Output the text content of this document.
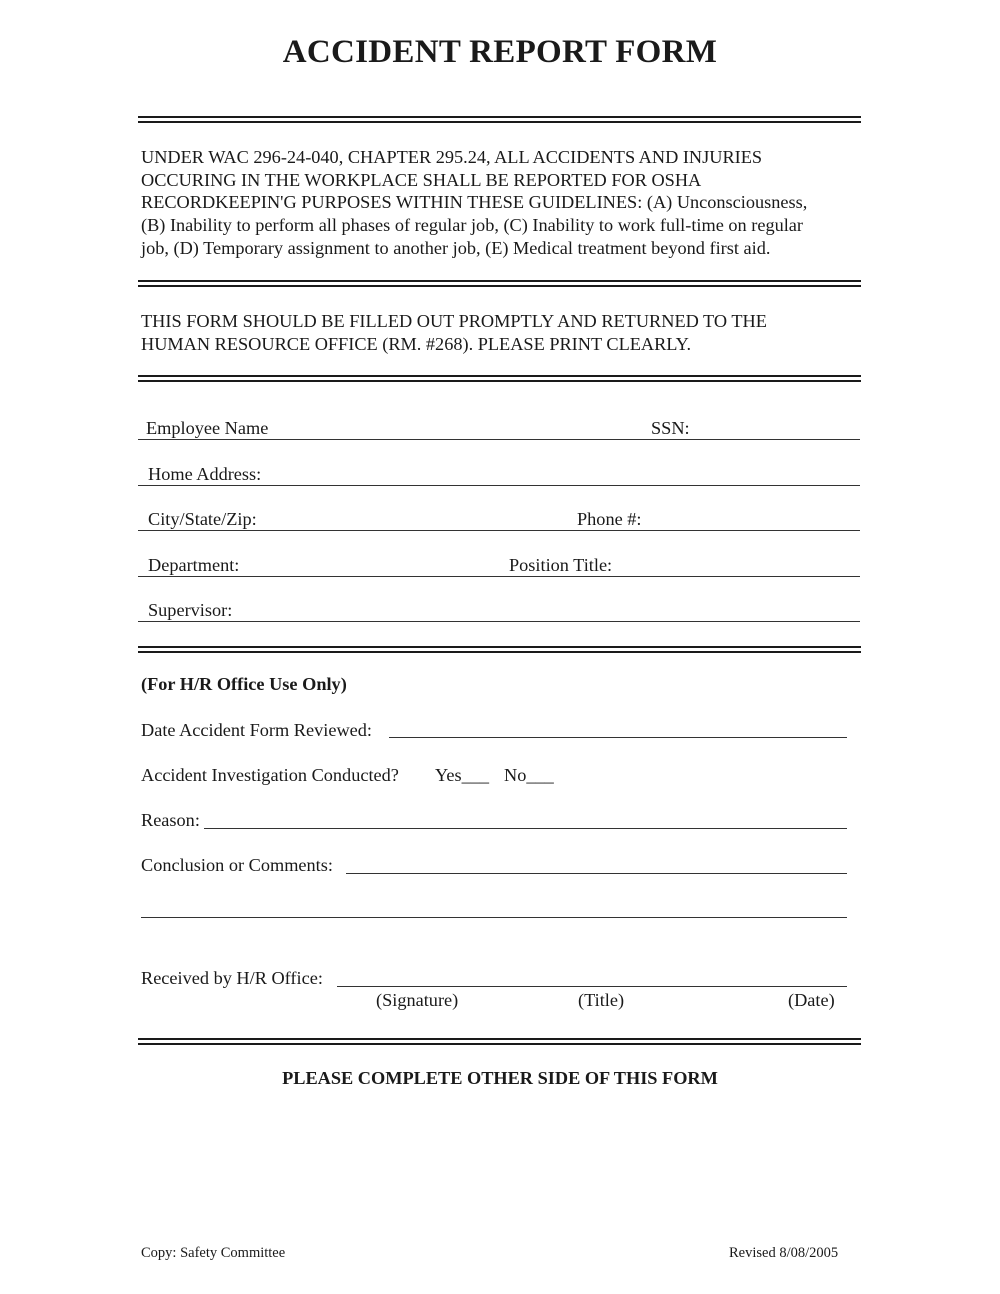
ACCIDENT REPORT FORM
UNDER WAC 296-24-040, CHAPTER 295.24, ALL ACCIDENTS AND INJURIES
OCCURING IN THE WORKPLACE SHALL BE REPORTED FOR OSHA
RECORDKEEPIN'G PURPOSES WITHIN THESE GUIDELINES: (A) Unconsciousness,
(B) Inability to perform all phases of regular job, (C) Inability to work full-time on regular
job, (D) Temporary assignment to another job, (E) Medical treatment beyond first aid.
THIS FORM SHOULD BE FILLED OUT PROMPTLY AND RETURNED TO THE
HUMAN RESOURCE OFFICE (RM. #268). PLEASE PRINT CLEARLY.
Employee Name	SSN:
Home Address:
City/State/Zip:	Phone #:
Department:	Position Title:
Supervisor:
(For H/R Office Use Only)
Date Accident Form Reviewed:
Accident Investigation Conducted? Yes___ No___
Reason:
Conclusion or Comments:
Received by H/R Office:
(Signature)	(Title)	(Date)
PLEASE COMPLETE OTHER SIDE OF THIS FORM
Copy: Safety Committee	Revised 8/08/2005
